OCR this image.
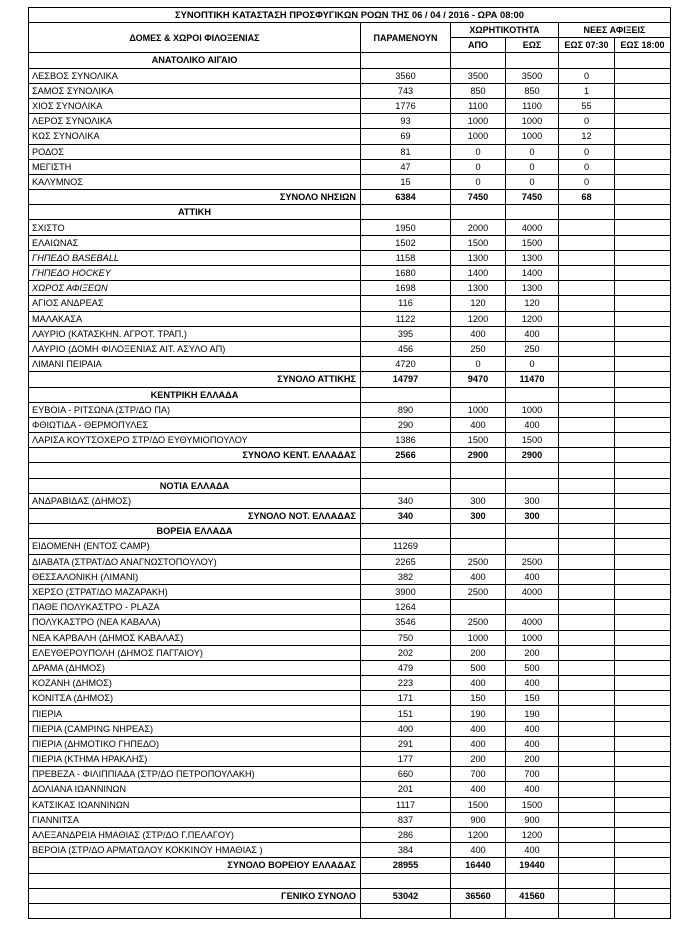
ΣΥΝΟΠΤΙΚΗ ΚΑΤΑΣΤΑΣΗ ΠΡΟΣΦΥΓΙΚΩΝ ΡΟΩΝ ΤΗΣ 06 / 04 / 2016 - ΩΡΑ 08:00					
ΔΟΜΕΣ & ΧΩΡΟΙ ΦΙΛΟΞΕΝΙΑΣ	ΠΑΡΑΜΕΝΟΥΝ	ΧΩΡΗΤΙΚΟΤΗΤΑ		ΝΕΕΣ ΑΦΙΞΕΙΣ	
		ΑΠΟ	ΕΩΣ	ΕΩΣ 07:30	ΕΩΣ 18:00
ΑΝΑΤΟΛΙΚΟ ΑΙΓΑΙΟ					
ΛΕΣΒΟΣ ΣΥΝΟΛΙΚΑ	3560	3500	3500	0	
ΣΑΜΟΣ ΣΥΝΟΛΙΚΑ	743	850	850	1	
ΧΙΟΣ ΣΥΝΟΛΙΚΑ	1776	1100	1100	55	
ΛΕΡΟΣ ΣΥΝΟΛΙΚΑ	93	1000	1000	0	
ΚΩΣ ΣΥΝΟΛΙΚΑ	69	1000	1000	12	
ΡΟΔΟΣ	81	0	0	0	
ΜΕΓΙΣΤΗ	47	0	0	0	
ΚΑΛΥΜΝΟΣ	15	0	0	0	
ΣΥΝΟΛΟ ΝΗΣΙΩΝ	6384	7450	7450	68	
ΑΤΤΙΚΗ					
ΣΧΙΣΤΟ	1950	2000	4000		
ΕΛΑΙΩΝΑΣ	1502	1500	1500		
ΓΗΠΕΔΟ BASEBALL	1158	1300	1300		
ΓΗΠΕΔΟ HOCKEY	1680	1400	1400		
ΧΩΡΟΣ ΑΦΙΞΕΩΝ	1698	1300	1300		
ΑΓΙΟΣ ΑΝΔΡΕΑΣ	116	120	120		
ΜΑΛΑΚΑΣΑ	1122	1200	1200		
ΛΑΥΡΙΟ (ΚΑΤΑΣΚΗΝ. ΑΓΡΟΤ. ΤΡΑΠ.)	395	400	400		
ΛΑΥΡΙΟ (ΔΟΜΗ ΦΙΛΟΞΕΝΙΑΣ ΑΙΤ. ΑΣΥΛΟ ΑΠ)	456	250	250		
ΛΙΜΑΝΙ ΠΕΙΡΑΙΑ	4720	0	0		
ΣΥΝΟΛΟ ΑΤΤΙΚΗΣ	14797	9470	11470		
ΚΕΝΤΡΙΚΗ ΕΛΛΑΔΑ					
ΕΥΒΟΙΑ - ΡΙΤΣΩΝΑ (ΣΤΡ/ΔΟ ΠΑ)	890	1000	1000		
ΦΘΙΩΤΙΔΑ - ΘΕΡΜΟΠΥΛΕΣ	290	400	400		
ΛΑΡΙΣΑ ΚΟΥΤΣΟΧΕΡΟ ΣΤΡ/ΔΟ ΕΥΘΥΜΙΟΠΟΥΛΟΥ	1386	1500	1500		
ΣΥΝΟΛΟ ΚΕΝΤ. ΕΛΛΑΔΑΣ	2566	2900	2900		

ΝΟΤΙΑ ΕΛΛΑΔΑ					
ΑΝΔΡΑΒΙΔΑΣ (ΔΗΜΟΣ)	340	300	300		
ΣΥΝΟΛΟ ΝΟΤ. ΕΛΛΑΔΑΣ	340	300	300		
ΒΟΡΕΙΑ ΕΛΛΑΔΑ					
ΕΙΔΟΜΕΝΗ (ΕΝΤΟΣ CAMP)	11269				
ΔΙΑΒΑΤΑ (ΣΤΡΑΤ/ΔΟ ΑΝΑΓΝΩΣΤΟΠΟΥΛΟΥ)	2265	2500	2500		
ΘΕΣΣΑΛΟΝΙΚΗ (ΛΙΜΑΝΙ)	382	400	400		
ΧΕΡΣΟ (ΣΤΡΑΤ/ΔΟ ΜΑΖΑΡΑΚΗ)	3900	2500	4000		
ΠΑΘΕ ΠΟΛΥΚΑΣΤΡΟ - PLAZA	1264				
ΠΟΛΥΚΑΣΤΡΟ (ΝΕΑ ΚΑΒΑΛΑ)	3546	2500	4000		
ΝΕΑ ΚΑΡΒΑΛΗ (ΔΗΜΟΣ ΚΑΒΑΛΑΣ)	750	1000	1000		
ΕΛΕΥΘΕΡΟΥΠΟΛΗ (ΔΗΜΟΣ ΠΑΓΓΑΙΟΥ)	202	200	200		
ΔΡΑΜΑ (ΔΗΜΟΣ)	479	500	500		
ΚΟΖΑΝΗ (ΔΗΜΟΣ)	223	400	400		
ΚΟΝΙΤΣΑ (ΔΗΜΟΣ)	171	150	150		
ΠΙΕΡΙΑ	151	190	190		
ΠΙΕΡΙΑ (CAMPING ΝΗΡΕΑΣ)	400	400	400		
ΠΙΕΡΙΑ (ΔΗΜΟΤΙΚΟ ΓΗΠΕΔΟ)	291	400	400		
ΠΙΕΡΙΑ (ΚΤΗΜΑ ΗΡΑΚΛΗΣ)	177	200	200		
ΠΡΕΒΕΖΑ - ΦΙΛΙΠΠΙΑΔΑ (ΣΤΡ/ΔΟ ΠΕΤΡΟΠΟΥΛΑΚΗ)	660	700	700		
ΔΟΛΙΑΝΑ ΙΩΑΝΝΙΝΩΝ	201	400	400		
ΚΑΤΣΙΚΑΣ ΙΩΑΝΝΙΝΩΝ	1117	1500	1500		
ΓΙΑΝΝΙΤΣΑ	837	900	900		
ΑΛΕΞΑΝΔΡΕΙΑ ΗΜΑΘΙΑΣ (ΣΤΡ/ΔΟ Γ.ΠΕΛΑΓΟΥ)	286	1200	1200		
ΒΕΡΟΙΑ (ΣΤΡ/ΔΟ ΑΡΜΑΤΩΛΟΥ ΚΟΚΚΙΝΟΥ ΗΜΑΘΙΑΣ )	384	400	400		
ΣΥΝΟΛΟ ΒΟΡΕΙΟΥ ΕΛΛΑΔΑΣ	28955	16440	19440		

ΓΕΝΙΚΟ ΣΥΝΟΛΟ	53042	36560	41560		
